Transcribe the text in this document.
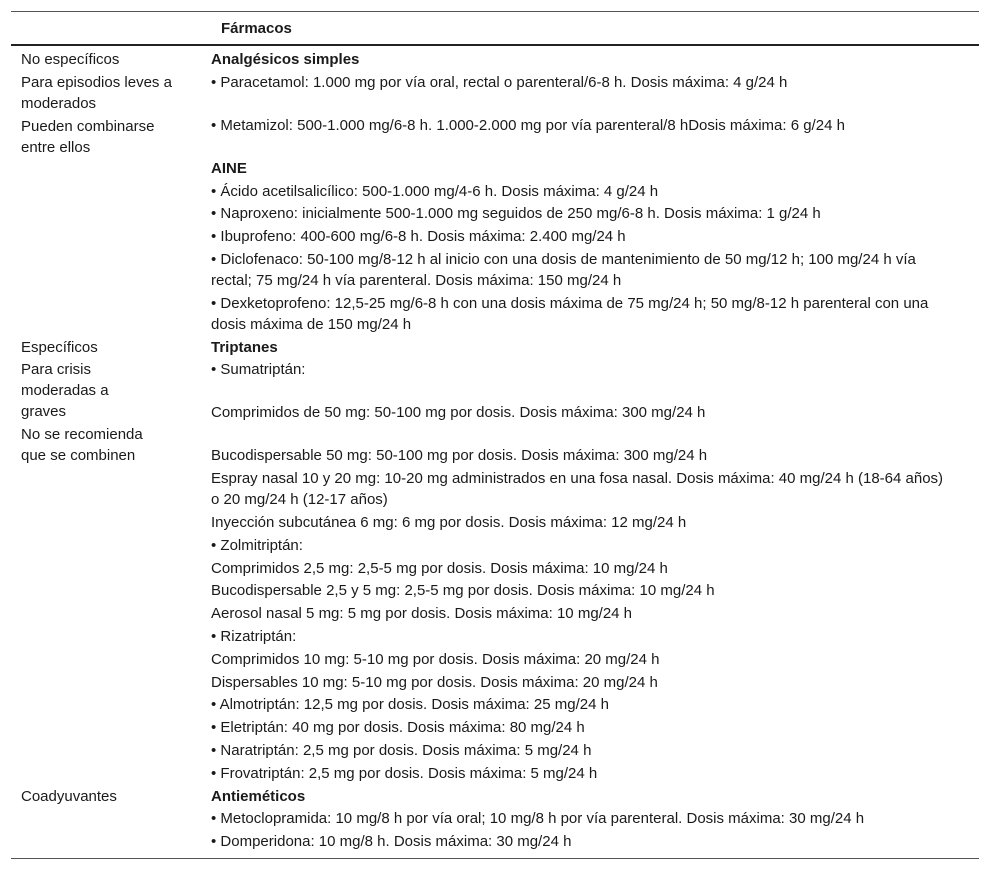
Fármacos
No específicos
Para episodios leves a moderados
Pueden combinarse entre ellos
Analgésicos simples
• Paracetamol: 1.000 mg por vía oral, rectal o parenteral/6-8 h. Dosis máxima: 4 g/24 h
• Metamizol: 500-1.000 mg/6-8 h. 1.000-2.000 mg por vía parenteral/8 hDosis máxima: 6 g/24 h
AINE
• Ácido acetilsalicílico: 500-1.000 mg/4-6 h. Dosis máxima: 4 g/24 h
• Naproxeno: inicialmente 500-1.000 mg seguidos de 250 mg/6-8 h. Dosis máxima: 1 g/24 h
• Ibuprofeno: 400-600 mg/6-8 h. Dosis máxima: 2.400 mg/24 h
• Diclofenaco: 50-100 mg/8-12 h al inicio con una dosis de mantenimiento de 50 mg/12 h; 100 mg/24 h vía rectal; 75 mg/24 h vía parenteral. Dosis máxima: 150 mg/24 h
• Dexketoprofeno: 12,5-25 mg/6-8 h con una dosis máxima de 75 mg/24 h; 50 mg/8-12 h parenteral con una dosis máxima de 150 mg/24 h
Específicos
Para crisis moderadas a graves
No se recomienda que se combinen
Triptanes
• Sumatriptán:
Comprimidos de 50 mg: 50-100 mg por dosis. Dosis máxima: 300 mg/24 h
Bucodispersable 50 mg: 50-100 mg por dosis. Dosis máxima: 300 mg/24 h
Espray nasal 10 y 20 mg: 10-20 mg administrados en una fosa nasal. Dosis máxima: 40 mg/24 h (18-64 años) o 20 mg/24 h (12-17 años)
Inyección subcutánea 6 mg: 6 mg por dosis. Dosis máxima: 12 mg/24 h
• Zolmitriptán:
Comprimidos 2,5 mg: 2,5-5 mg por dosis. Dosis máxima: 10 mg/24 h
Bucodispersable 2,5 y 5 mg: 2,5-5 mg por dosis. Dosis máxima: 10 mg/24 h
Aerosol nasal 5 mg: 5 mg por dosis. Dosis máxima: 10 mg/24 h
• Rizatriptán:
Comprimidos 10 mg: 5-10 mg por dosis. Dosis máxima: 20 mg/24 h
Dispersables 10 mg: 5-10 mg por dosis. Dosis máxima: 20 mg/24 h
• Almotriptán: 12,5 mg por dosis. Dosis máxima: 25 mg/24 h
• Eletriptán: 40 mg por dosis. Dosis máxima: 80 mg/24 h
• Naratriptán: 2,5 mg por dosis. Dosis máxima: 5 mg/24 h
• Frovatriptán: 2,5 mg por dosis. Dosis máxima: 5 mg/24 h
Coadyuvantes	Antieméticos
• Metoclopramida: 10 mg/8 h por vía oral; 10 mg/8 h por vía parenteral. Dosis máxima: 30 mg/24 h
• Domperidona: 10 mg/8 h. Dosis máxima: 30 mg/24 h
